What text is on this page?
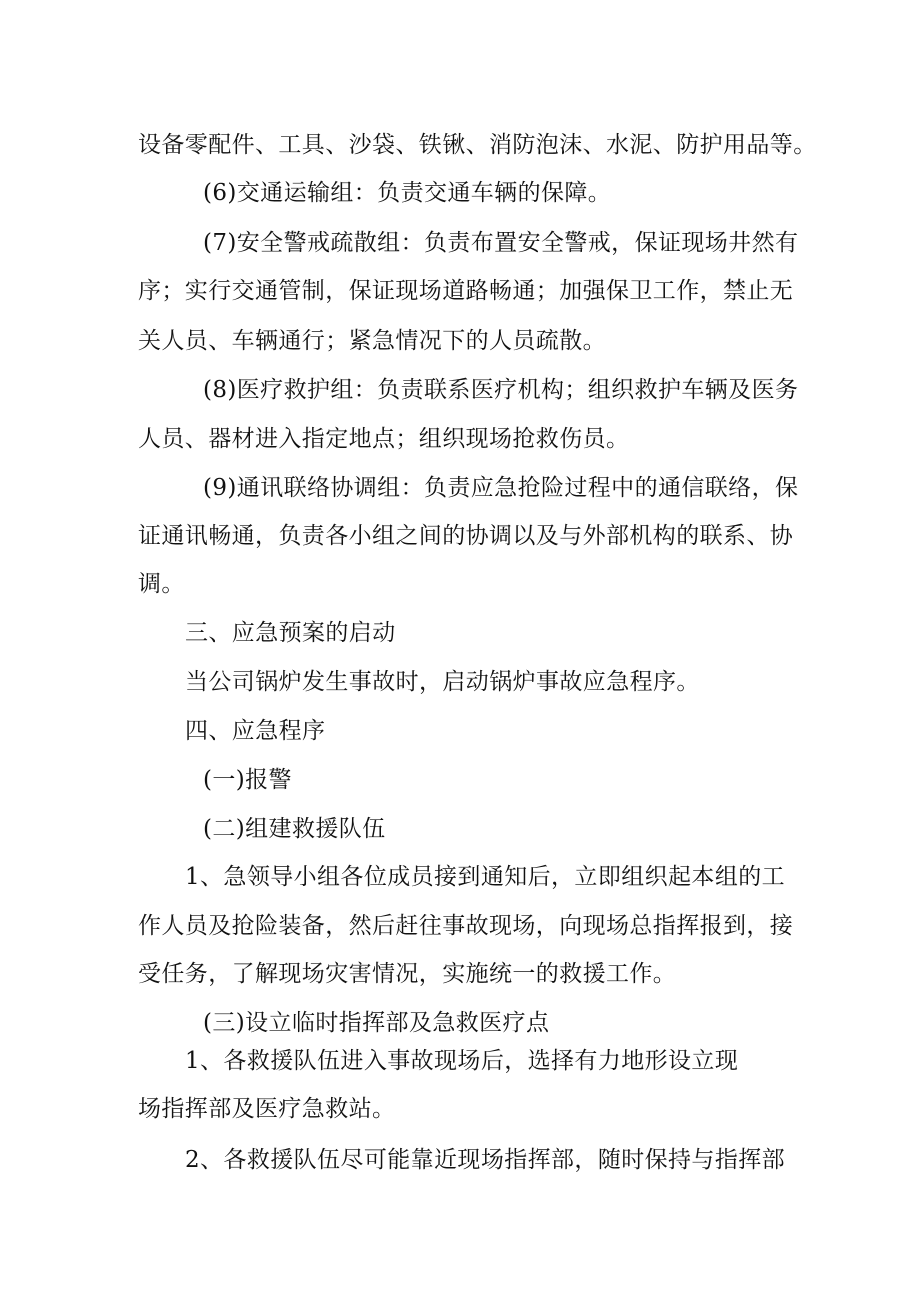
设备零配件、工具、沙袋、铁锹、消防泡沫、水泥、防护用品等。
(6)交通运输组：负责交通车辆的保障。
(7)安全警戒疏散组：负责布置安全警戒，保证现场井然有
序；实行交通管制，保证现场道路畅通；加强保卫工作，禁止无
关人员、车辆通行；紧急情况下的人员疏散。
(8)医疗救护组：负责联系医疗机构；组织救护车辆及医务
人员、器材进入指定地点；组织现场抢救伤员。
(9)通讯联络协调组：负责应急抢险过程中的通信联络，保
证通讯畅通，负责各小组之间的协调以及与外部机构的联系、协
调。
三、应急预案的启动
当公司锅炉发生事故时，启动锅炉事故应急程序。
四、应急程序
(一)报警
(二)组建救援队伍
1、急领导小组各位成员接到通知后，立即组织起本组的工
作人员及抢险装备，然后赶往事故现场，向现场总指挥报到，接
受任务，了解现场灾害情况，实施统一的救援工作。
(三)设立临时指挥部及急救医疗点
1、各救援队伍进入事故现场后，选择有力地形设立现
场指挥部及医疗急救站。
2、各救援队伍尽可能靠近现场指挥部，随时保持与指挥部
